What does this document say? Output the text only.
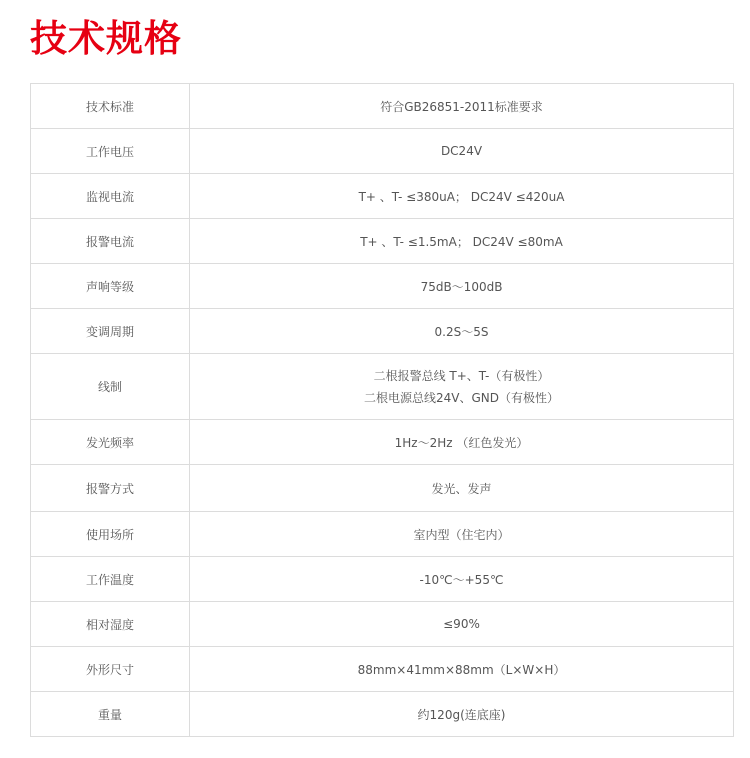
技术规格
技术标准	符合GB26851-2011标准要求
工作电压	DC24V
监视电流	T+ 、T- ≤380uA； DC24V ≤420uA
报警电流	T+ 、T- ≤1.5mA； DC24V ≤80mA
声响等级	75dB～100dB
变调周期	0.2S～5S
线制	二根报警总线 T+、T-（有极性）
二根电源总线24V、GND（有极性）

发光频率	1Hz～2Hz （红色发光）
报警方式	发光、发声
使用场所	室内型（住宅内）
工作温度	-10℃～+55℃
相对湿度	≤90%
外形尺寸	88mm×41mm×88mm（L×W×H）
重量	约120g(连底座)
